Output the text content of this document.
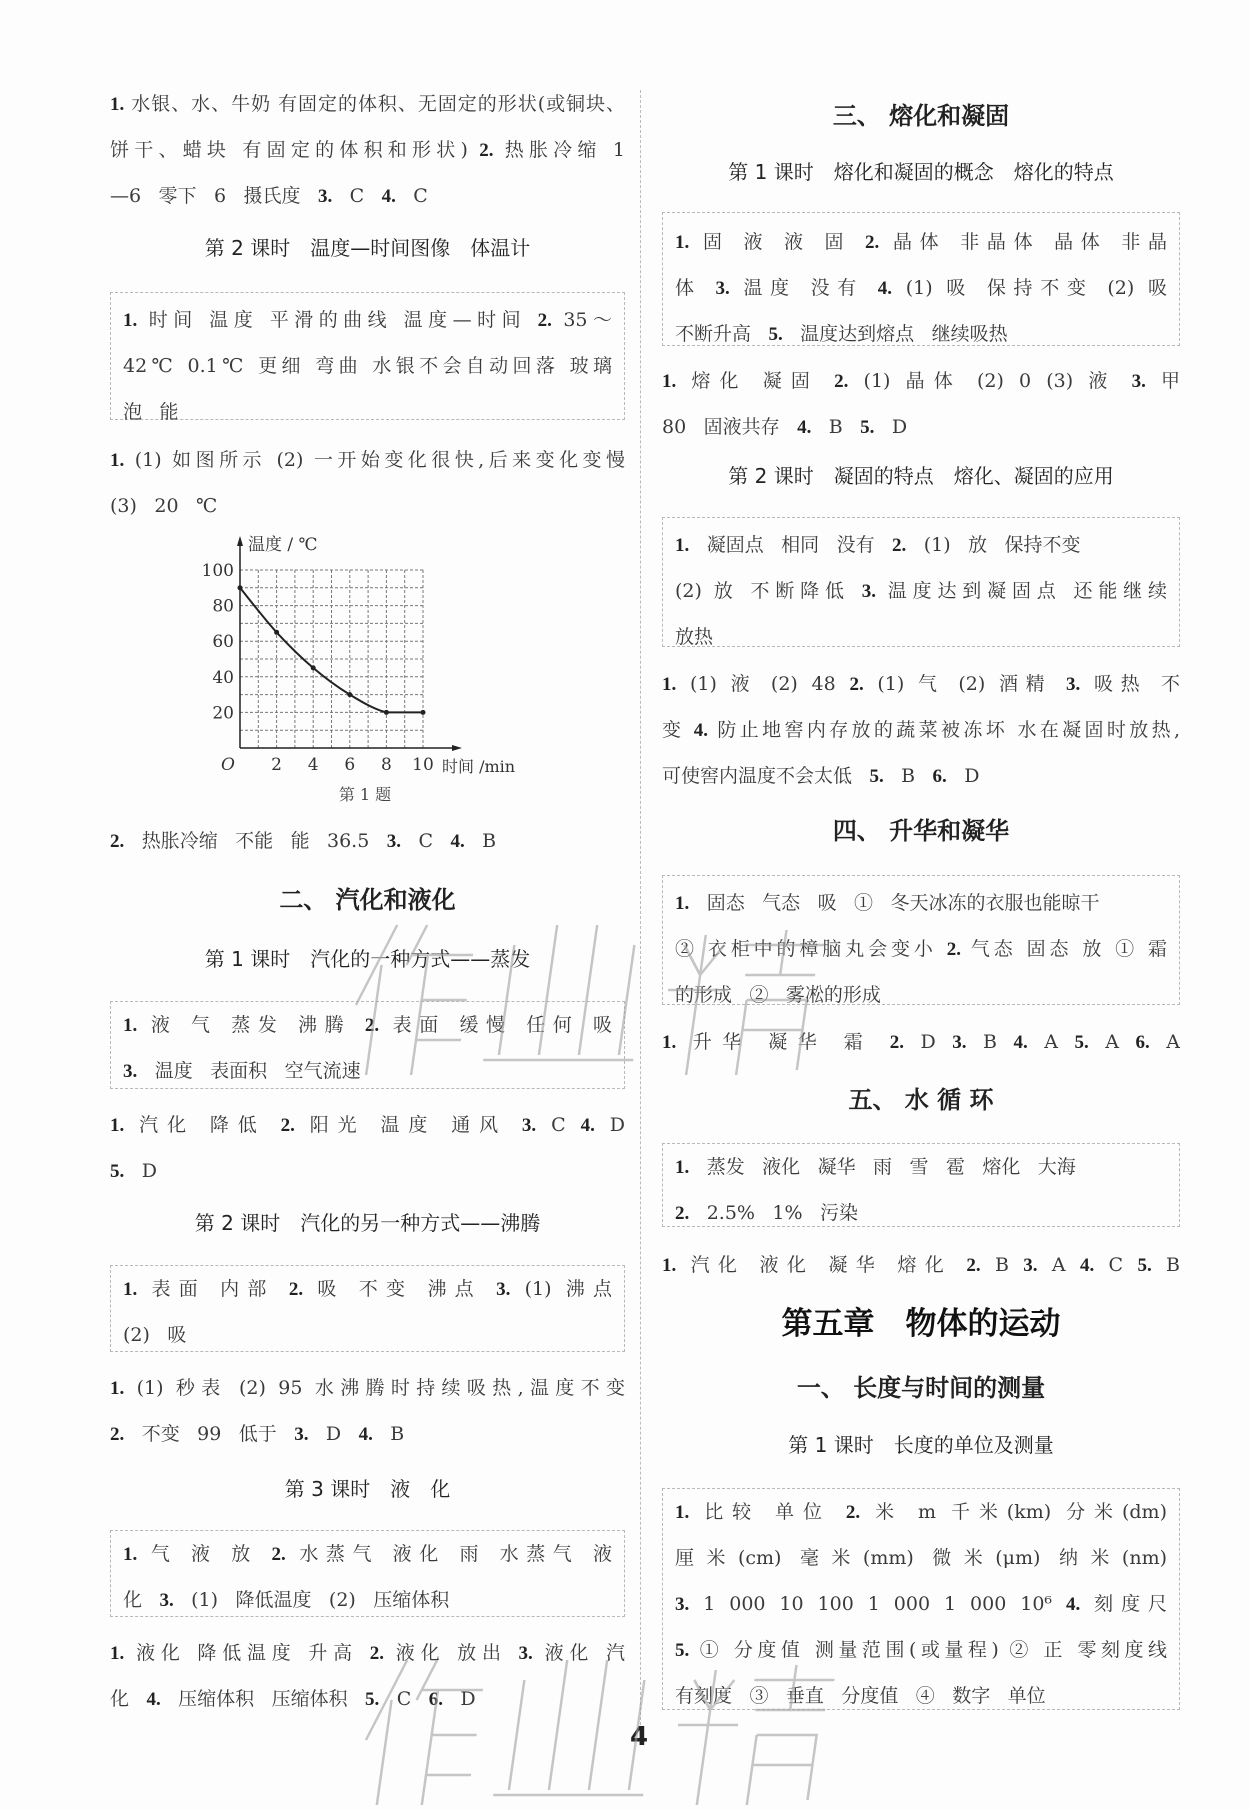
1. 水银、水、牛奶 有固定的体积、无固定的形状(或铜块、
饼干、蜡块 有固定的体积和形状) 2. 热胀冷缩 1
—6 零下 6 摄氏度 3. C 4. C
第 2 课时　温度—时间图像　体温计
1. 时间 温度 平滑的曲线 温度—时间 2. 35～
42℃ 0.1℃ 更细 弯曲 水银不会自动回落 玻璃
泡 能
1. (1) 如图所示 (2) 一开始变化很快,后来变化变慢
(3) 20 ℃
20
40
60
80
100
2 4 6 8 10
O
温度 / ℃
时间 /min
第 1 题
2. 热胀冷缩 不能 能 36.5 3. C 4. B
二、 汽化和液化
第 1 课时　汽化的一种方式——蒸发
1. 液 气 蒸发 沸腾 2. 表面 缓慢 任何 吸
3. 温度 表面积 空气流速
1. 汽化 降低 2. 阳光 温度 通风 3. C 4. D
5. D
第 2 课时　汽化的另一种方式——沸腾
1. 表面 内部 2. 吸 不变 沸点 3. (1) 沸点
(2) 吸
1. (1) 秒表 (2) 95 水沸腾时持续吸热,温度不变
2. 不变 99 低于 3. D 4. B
第 3 课时　液　化
1. 气 液 放 2. 水蒸气 液化 雨 水蒸气 液
化 3. (1) 降低温度 (2) 压缩体积
1. 液化 降低温度 升高 2. 液化 放出 3. 液化 汽
化 4. 压缩体积 压缩体积 5. C 6. D
三、 熔化和凝固
第 1 课时　熔化和凝固的概念　熔化的特点
1. 固 液 液 固 2. 晶体 非晶体 晶体 非晶
体 3. 温度 没有 4. (1) 吸 保持不变 (2) 吸
不断升高 5. 温度达到熔点 继续吸热
1. 熔化 凝固 2. (1) 晶体 (2) 0 (3) 液 3. 甲
80 固液共存 4. B 5. D
第 2 课时　凝固的特点　熔化、凝固的应用
1. 凝固点 相同 没有 2. (1) 放 保持不变
(2) 放 不断降低 3. 温度达到凝固点 还能继续
放热
1. (1) 液 (2) 48 2. (1) 气 (2) 酒精 3. 吸热 不
变 4. 防止地窖内存放的蔬菜被冻坏 水在凝固时放热,
可使窖内温度不会太低 5. B 6. D
四、 升华和凝华
1. 固态 气态 吸 ① 冬天冰冻的衣服也能晾干
② 衣柜中的樟脑丸会变小 2. 气态 固态 放 ① 霜
的形成 ② 雾凇的形成
1. 升华 凝华 霜 2. D 3. B 4. A 5. A 6. A
五、 水 循 环
1. 蒸发 液化 凝华 雨 雪 雹 熔化 大海
2. 2.5% 1% 污染
1. 汽化 液化 凝华 熔化 2. B 3. A 4. C 5. B
第五章　物体的运动
一、 长度与时间的测量
第 1 课时　长度的单位及测量
1. 比较 单位 2. 米 m 千米(km) 分米(dm)
厘米(cm) 毫米(mm) 微米(μm) 纳米(nm)
3. 1 000 10 100 1 000 1 000 10⁶ 4. 刻度尺
5. ① 分度值 测量范围(或量程) ② 正 零刻度线
有刻度 ③ 垂直 分度值 ④ 数字 单位
4
